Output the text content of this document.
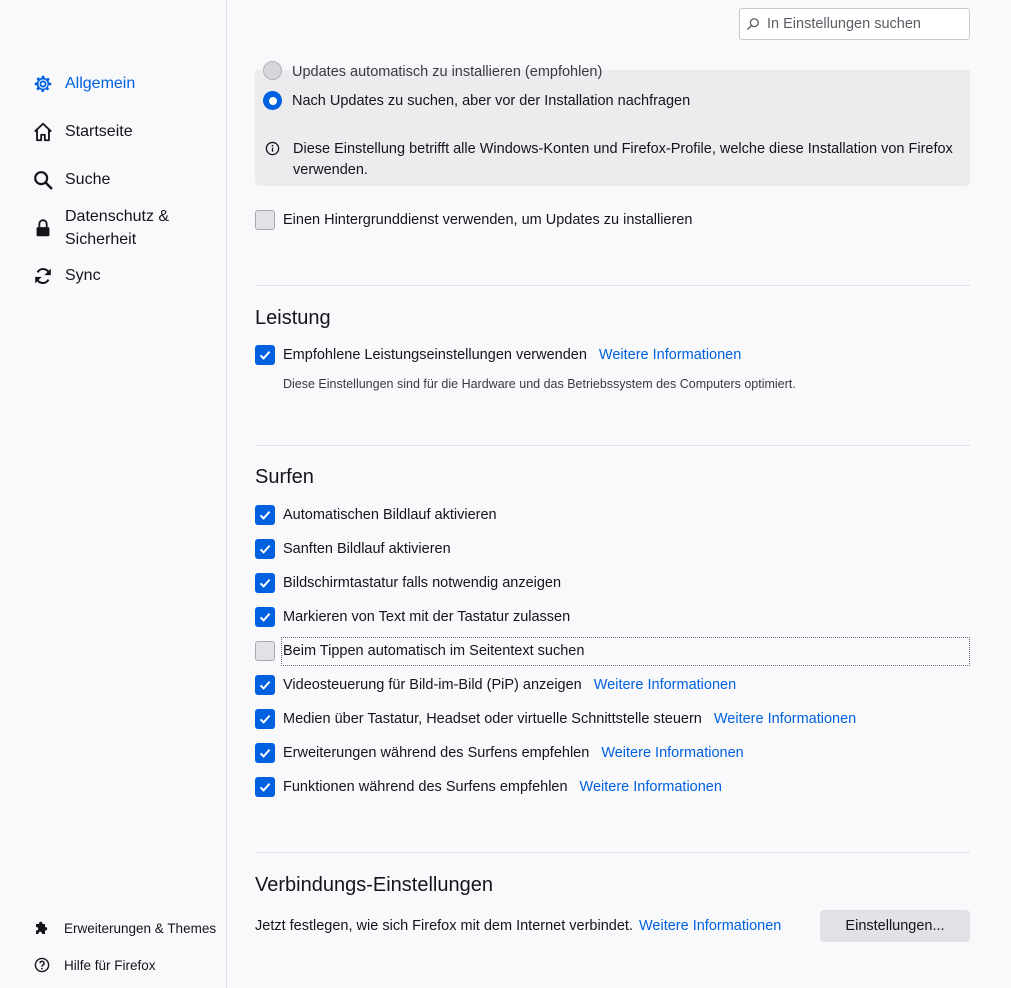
Allgemein
Startseite
Suche
Datenschutz &
Sicherheit
Sync
Erweiterungen & Themes
Hilfe für Firefox
In Einstellungen suchen
Updates automatisch zu installieren (empfohlen)
Nach Updates zu suchen, aber vor der Installation nachfragen
Diese Einstellung betrifft alle Windows-Konten und Firefox-Profile, welche diese Installation von Firefox verwenden.
Einen Hintergrunddienst verwenden, um Updates zu installieren
Leistung
Empfohlene Leistungseinstellungen verwenden Weitere Informationen
Diese Einstellungen sind für die Hardware und das Betriebssystem des Computers optimiert.
Surfen
Automatischen Bildlauf aktivieren
Sanften Bildlauf aktivieren
Bildschirmtastatur falls notwendig anzeigen
Markieren von Text mit der Tastatur zulassen
Beim Tippen automatisch im Seitentext suchen
Videosteuerung für Bild-im-Bild (PiP) anzeigen Weitere Informationen
Medien über Tastatur, Headset oder virtuelle Schnittstelle steuern Weitere Informationen
Erweiterungen während des Surfens empfehlen Weitere Informationen
Funktionen während des Surfens empfehlen Weitere Informationen
Verbindungs-Einstellungen
Jetzt festlegen, wie sich Firefox mit dem Internet verbindet. Weitere Informationen	Einstellungen...
